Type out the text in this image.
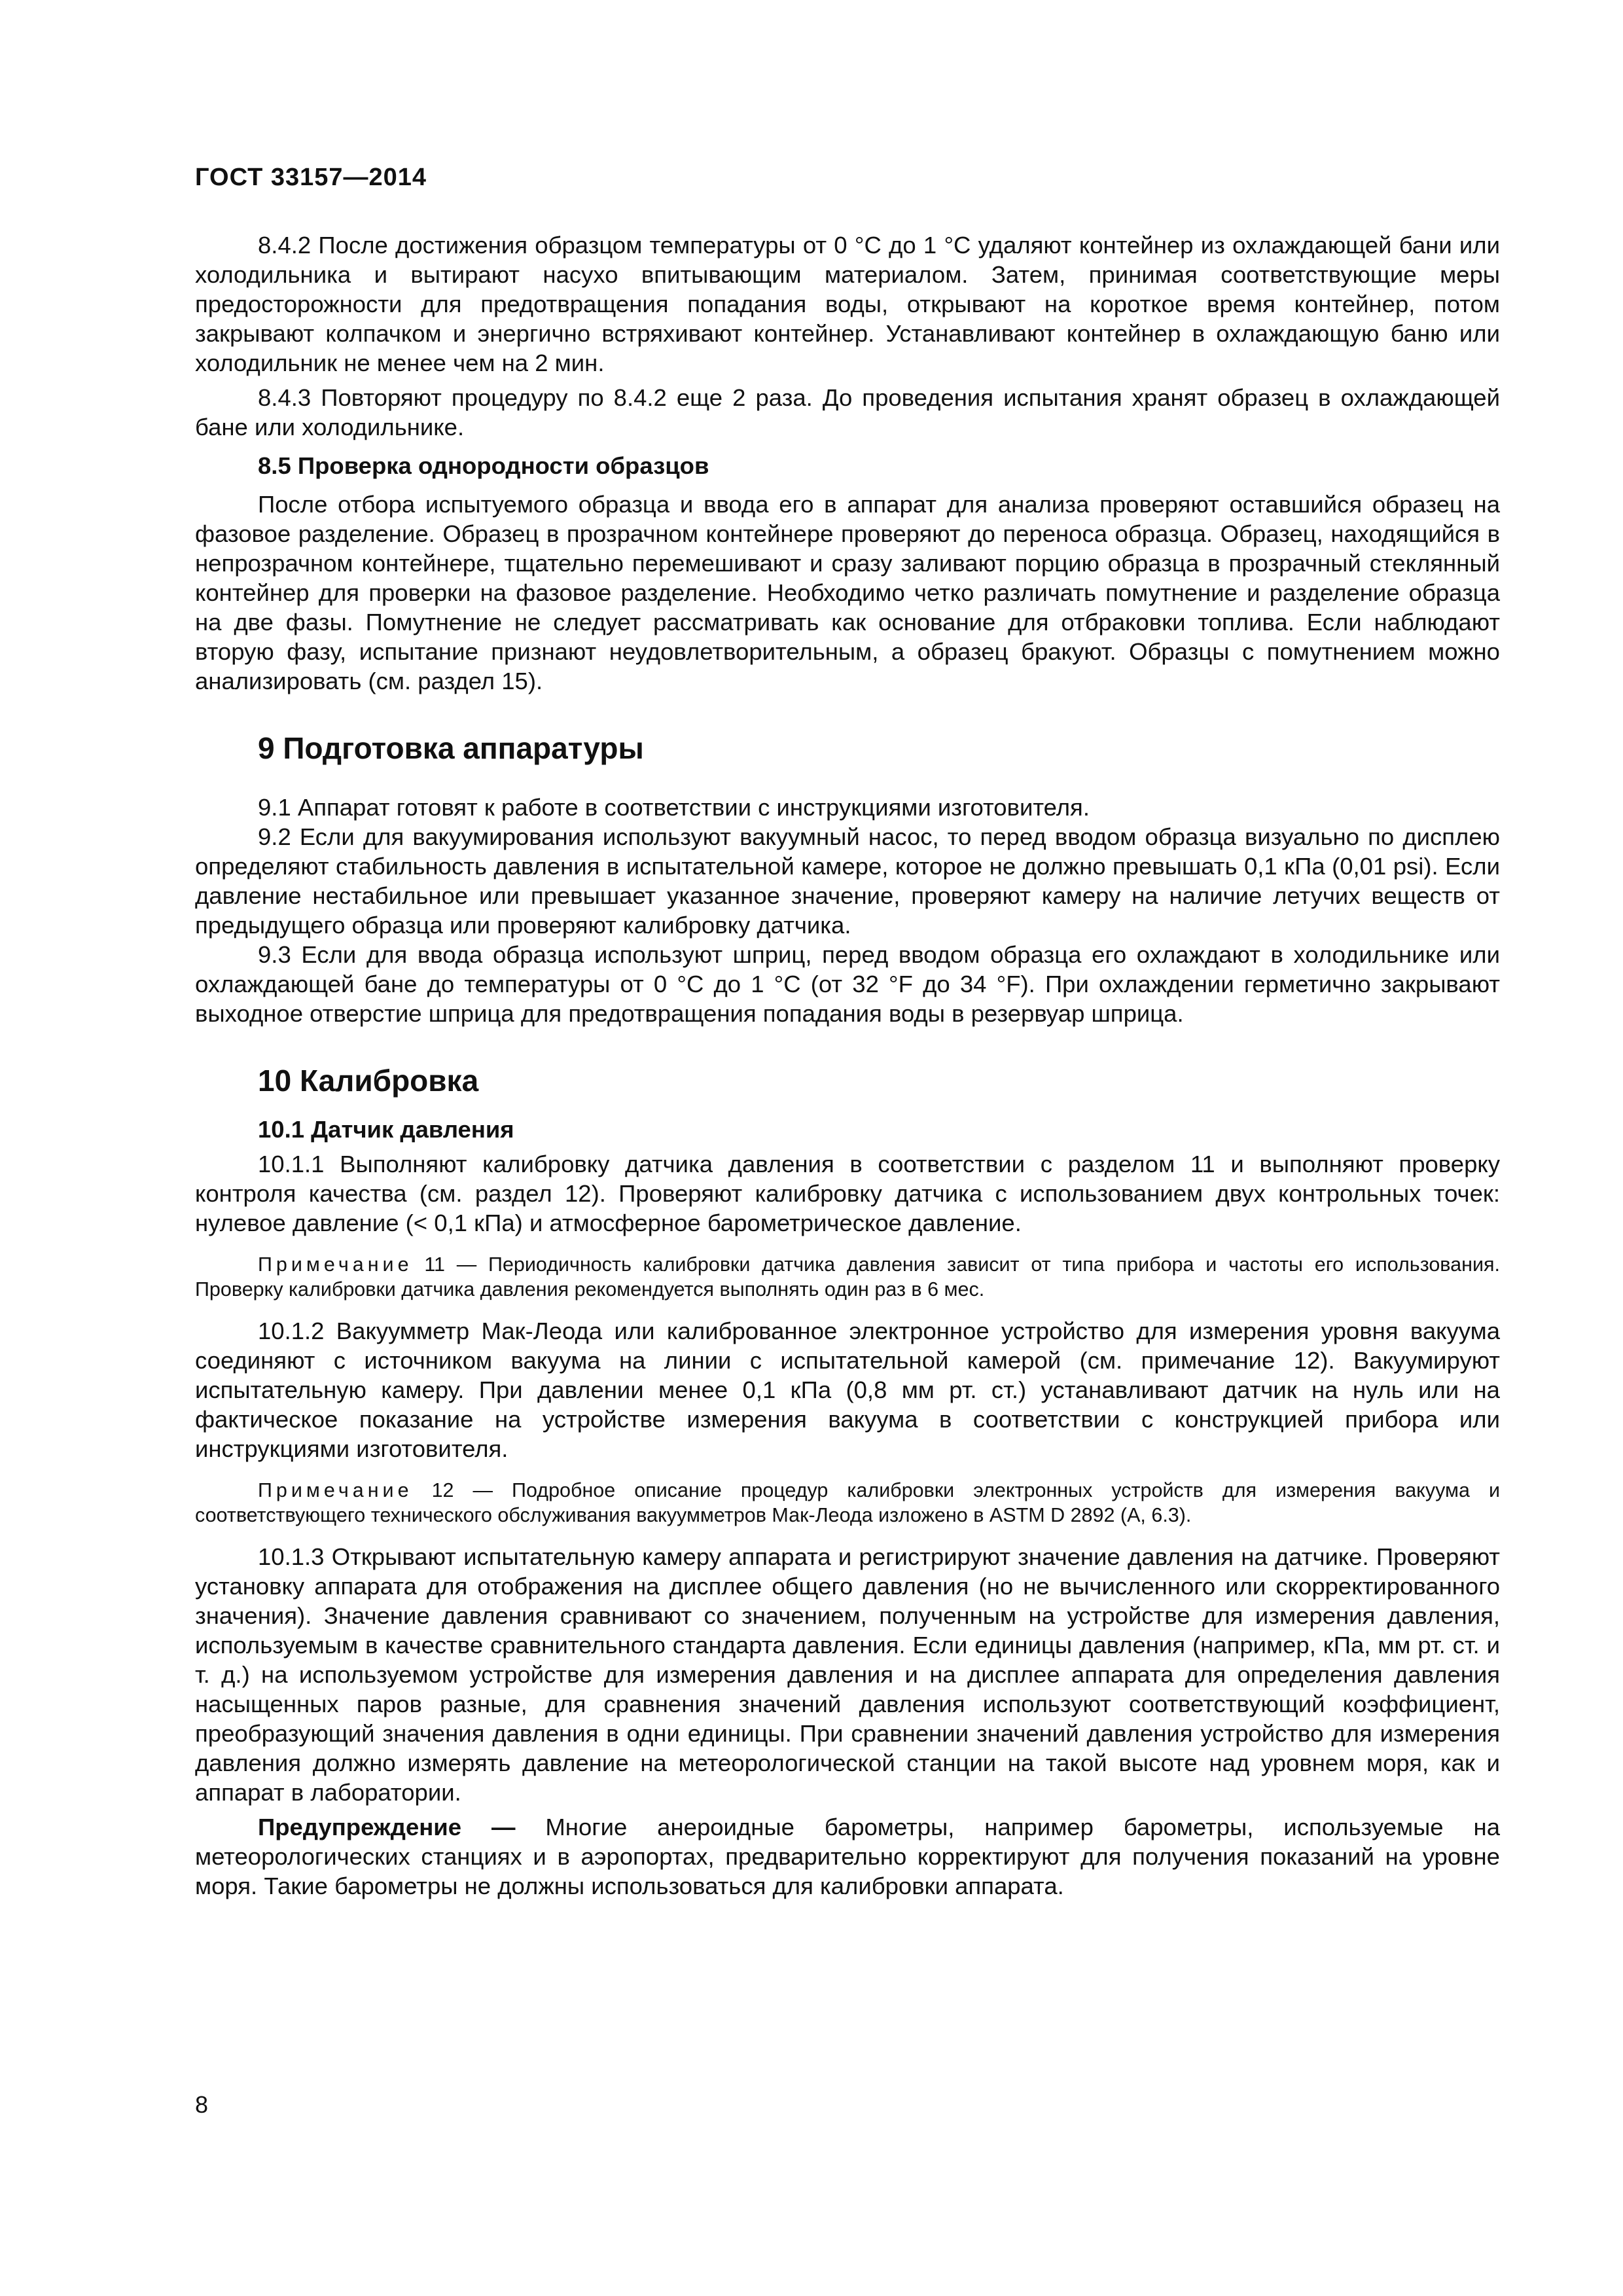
ГОСТ 33157—2014

8.4.2 После достижения образцом температуры от 0 °С до 1 °С удаляют контейнер из охлаждающей бани или холодильника и вытирают насухо впитывающим материалом. Затем, принимая соответствующие меры предосторожности для предотвращения попадания воды, открывают на короткое время контейнер, потом закрывают колпачком и энергично встряхивают контейнер. Устанавливают контейнер в охлаждающую баню или холодильник не менее чем на 2 мин.

8.4.3 Повторяют процедуру по 8.4.2 еще 2 раза. До проведения испытания хранят образец в охлаждающей бане или холодильнике.

8.5 Проверка однородности образцов

После отбора испытуемого образца и ввода его в аппарат для анализа проверяют оставшийся образец на фазовое разделение. Образец в прозрачном контейнере проверяют до переноса образца. Образец, находящийся в непрозрачном контейнере, тщательно перемешивают и сразу заливают порцию образца в прозрачный стеклянный контейнер для проверки на фазовое разделение. Необходимо четко различать помутнение и разделение образца на две фазы. Помутнение не следует рассматривать как основание для отбраковки топлива. Если наблюдают вторую фазу, испытание признают неудовлетворительным, а образец бракуют. Образцы с помутнением можно анализировать (см. раздел 15).

9 Подготовка аппаратуры

9.1 Аппарат готовят к работе в соответствии с инструкциями изготовителя.

9.2 Если для вакуумирования используют вакуумный насос, то перед вводом образца визуально по дисплею определяют стабильность давления в испытательной камере, которое не должно превышать 0,1 кПа (0,01 psi). Если давление нестабильное или превышает указанное значение, проверяют камеру на наличие летучих веществ от предыдущего образца или проверяют калибровку датчика.

9.3 Если для ввода образца используют шприц, перед вводом образца его охлаждают в холодильнике или охлаждающей бане до температуры от 0 °С до 1 °С (от 32 °F до 34 °F). При охлаждении герметично закрывают выходное отверстие шприца для предотвращения попадания воды в резервуар шприца.

10 Калибровка

10.1 Датчик давления

10.1.1 Выполняют калибровку датчика давления в соответствии с разделом 11 и выполняют проверку контроля качества (см. раздел 12). Проверяют калибровку датчика с использованием двух контрольных точек: нулевое давление (< 0,1 кПа) и атмосферное барометрическое давление.

Примечание 11 — Периодичность калибровки датчика давления зависит от типа прибора и частоты его использования. Проверку калибровки датчика давления рекомендуется выполнять один раз в 6 мес.

10.1.2 Вакуумметр Мак-Леода или калиброванное электронное устройство для измерения уровня вакуума соединяют с источником вакуума на линии с испытательной камерой (см. примечание 12). Вакуумируют испытательную камеру. При давлении менее 0,1 кПа (0,8 мм рт. ст.) устанавливают датчик на нуль или на фактическое показание на устройстве измерения вакуума в соответствии с конструкцией прибора или инструкциями изготовителя.

Примечание 12 — Подробное описание процедур калибровки электронных устройств для измерения вакуума и соответствующего технического обслуживания вакуумметров Мак-Леода изложено в ASTM D 2892 (А, 6.3).

10.1.3 Открывают испытательную камеру аппарата и регистрируют значение давления на датчике. Проверяют установку аппарата для отображения на дисплее общего давления (но не вычисленного или скорректированного значения). Значение давления сравнивают со значением, полученным на устройстве для измерения давления, используемым в качестве сравнительного стандарта давления. Если единицы давления (например, кПа, мм рт. ст. и т. д.) на используемом устройстве для измерения давления и на дисплее аппарата для определения давления насыщенных паров разные, для сравнения значений давления используют соответствующий коэффициент, преобразующий значения давления в одни единицы. При сравнении значений давления устройство для измерения давления должно измерять давление на метеорологической станции на такой высоте над уровнем моря, как и аппарат в лаборатории.

Предупреждение — Многие анероидные барометры, например барометры, используемые на метеорологических станциях и в аэропортах, предварительно корректируют для получения показаний на уровне моря. Такие барометры не должны использоваться для калибровки аппарата.

8
